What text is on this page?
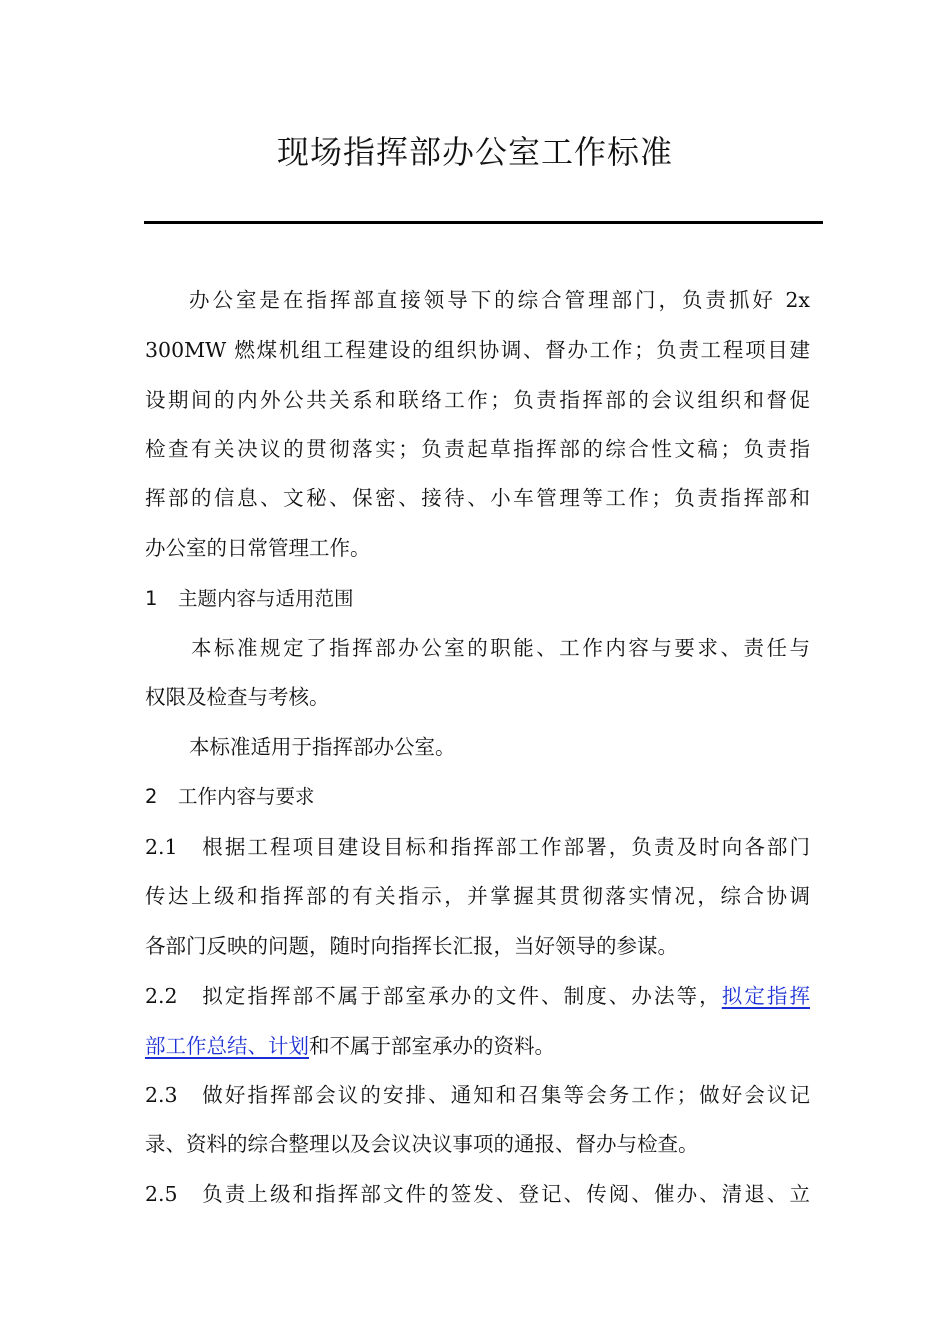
现场指挥部办公室工作标准
办公室是在指挥部直接领导下的综合管理部门，负责抓好 2x
300MW 燃煤机组工程建设的组织协调、督办工作；负责工程项目建
设期间的内外公共关系和联络工作；负责指挥部的会议组织和督促
检查有关决议的贯彻落实；负责起草指挥部的综合性文稿；负责指
挥部的信息、文秘、保密、接待、小车管理等工作；负责指挥部和
办公室的日常管理工作。
1 主题内容与适用范围
本标准规定了指挥部办公室的职能、工作内容与要求、责任与
权限及检查与考核。
本标准适用于指挥部办公室。
2 工作内容与要求
2.1　根据工程项目建设目标和指挥部工作部署，负责及时向各部门
传达上级和指挥部的有关指示，并掌握其贯彻落实情况，综合协调
各部门反映的问题，随时向指挥长汇报，当好领导的参谋。
2.2　拟定指挥部不属于部室承办的文件、制度、办法等，拟定指挥
部工作总结、计划和不属于部室承办的资料。
2.3　做好指挥部会议的安排、通知和召集等会务工作；做好会议记
录、资料的综合整理以及会议决议事项的通报、督办与检查。
2.5　负责上级和指挥部文件的签发、登记、传阅、催办、清退、立
